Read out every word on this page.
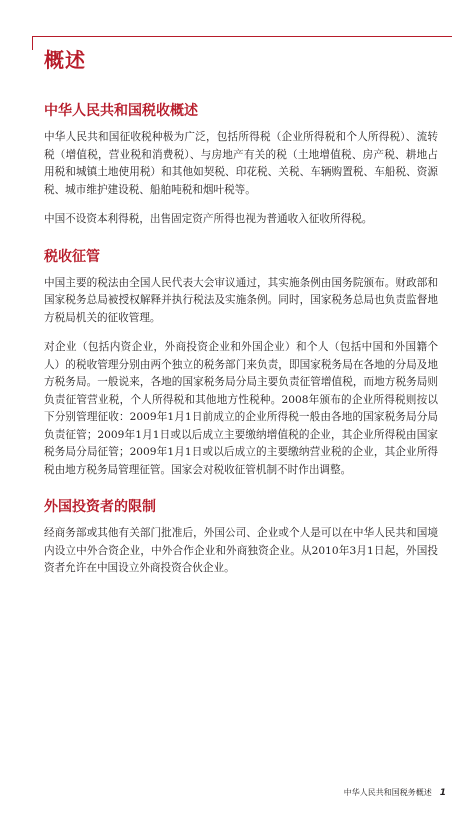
概述
中华人民共和国税收概述

中华人民共和国征收税种极为广泛，包括所得税（企业所得税和个人所得税）、流转税（增值税，营业税和消费税）、与房地产有关的税（土地增值税、房产税、耕地占用税和城镇土地使用税）和其他如契税、印花税、关税、车辆购置税、车船税、资源税、城市维护建设税、船舶吨税和烟叶税等。

中国不设资本利得税，出售固定资产所得也视为普通收入征收所得税。

税收征管

中国主要的税法由全国人民代表大会审议通过，其实施条例由国务院颁布。财政部和国家税务总局被授权解释并执行税法及实施条例。同时，国家税务总局也负责监督地方税局机关的征收管理。

对企业（包括内资企业，外商投资企业和外国企业）和个人（包括中国和外国籍个人）的税收管理分别由两个独立的税务部门来负责，即国家税务局在各地的分局及地方税务局。一般说来，各地的国家税务局分局主要负责征管增值税，而地方税务局则负责征管营业税，个人所得税和其他地方性税种。2008年颁布的企业所得税则按以下分别管理征收：2009年1月1日前成立的企业所得税一般由各地的国家税务局分局负责征管；2009年1月1日或以后成立主要缴纳增值税的企业，其企业所得税由国家税务局分局征管；2009年1月1日或以后成立的主要缴纳营业税的企业，其企业所得税由地方税务局管理征管。国家会对税收征管机制不时作出调整。

外国投资者的限制

经商务部或其他有关部门批准后，外国公司、企业或个人是可以在中华人民共和国境内设立中外合资企业，中外合作企业和外商独资企业。从2010年3月1日起，外国投资者允许在中国设立外商投资合伙企业。

中华人民共和国税务概述 1
